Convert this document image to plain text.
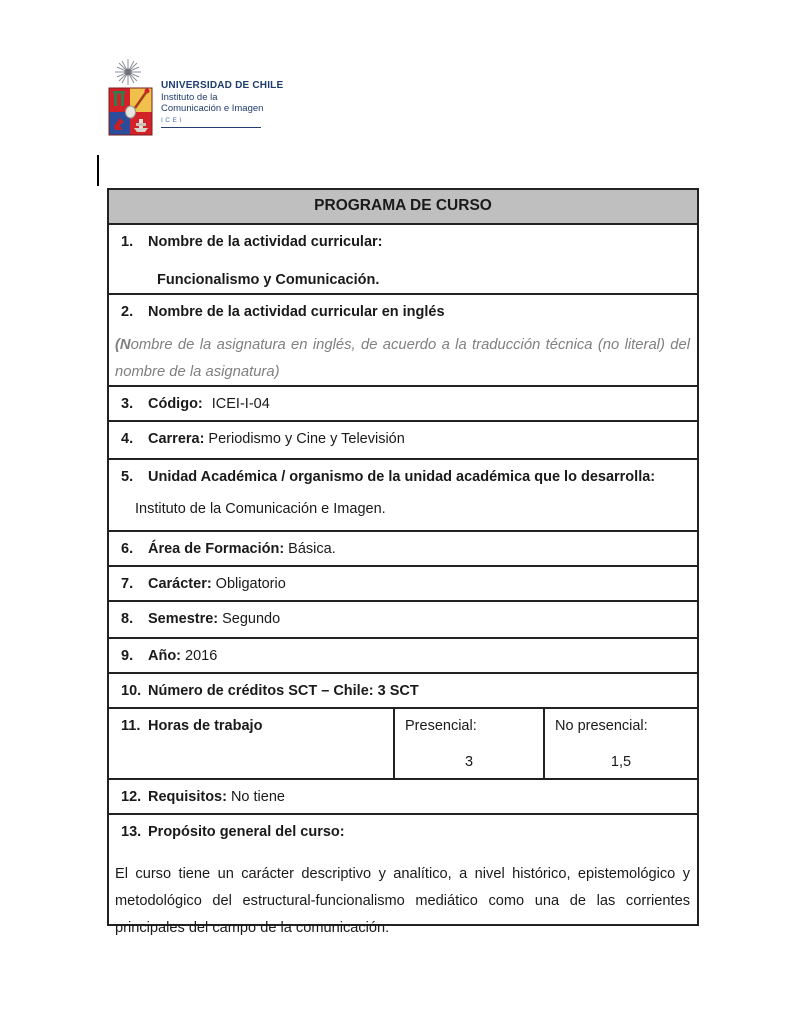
UNIVERSIDAD DE CHILE
Instituto de la
Comunicación e Imagen
ICEI
PROGRAMA DE CURSO
1. Nombre de la actividad curricular:
Funcionalismo y Comunicación.
2. Nombre de la actividad curricular en inglés
(Nombre de la asignatura en inglés, de acuerdo a la traducción técnica (no literal) del nombre de la asignatura)
3. Código: ICEI-I-04
4. Carrera: Periodismo y Cine y Televisión
5. Unidad Académica / organismo de la unidad académica que lo desarrolla:
Instituto de la Comunicación e Imagen.
6. Área de Formación: Básica.
7. Carácter: Obligatorio
8. Semestre: Segundo
9. Año: 2016
10. Número de créditos SCT – Chile: 3 SCT
11. Horas de trabajo	Presencial:
3
No presencial:
1,5
12. Requisitos: No tiene
13. Propósito general del curso:
El curso tiene un carácter descriptivo y analítico, a nivel histórico, epistemológico y metodológico del estructural-funcionalismo mediático como una de las corrientes principales del campo de la comunicación.
